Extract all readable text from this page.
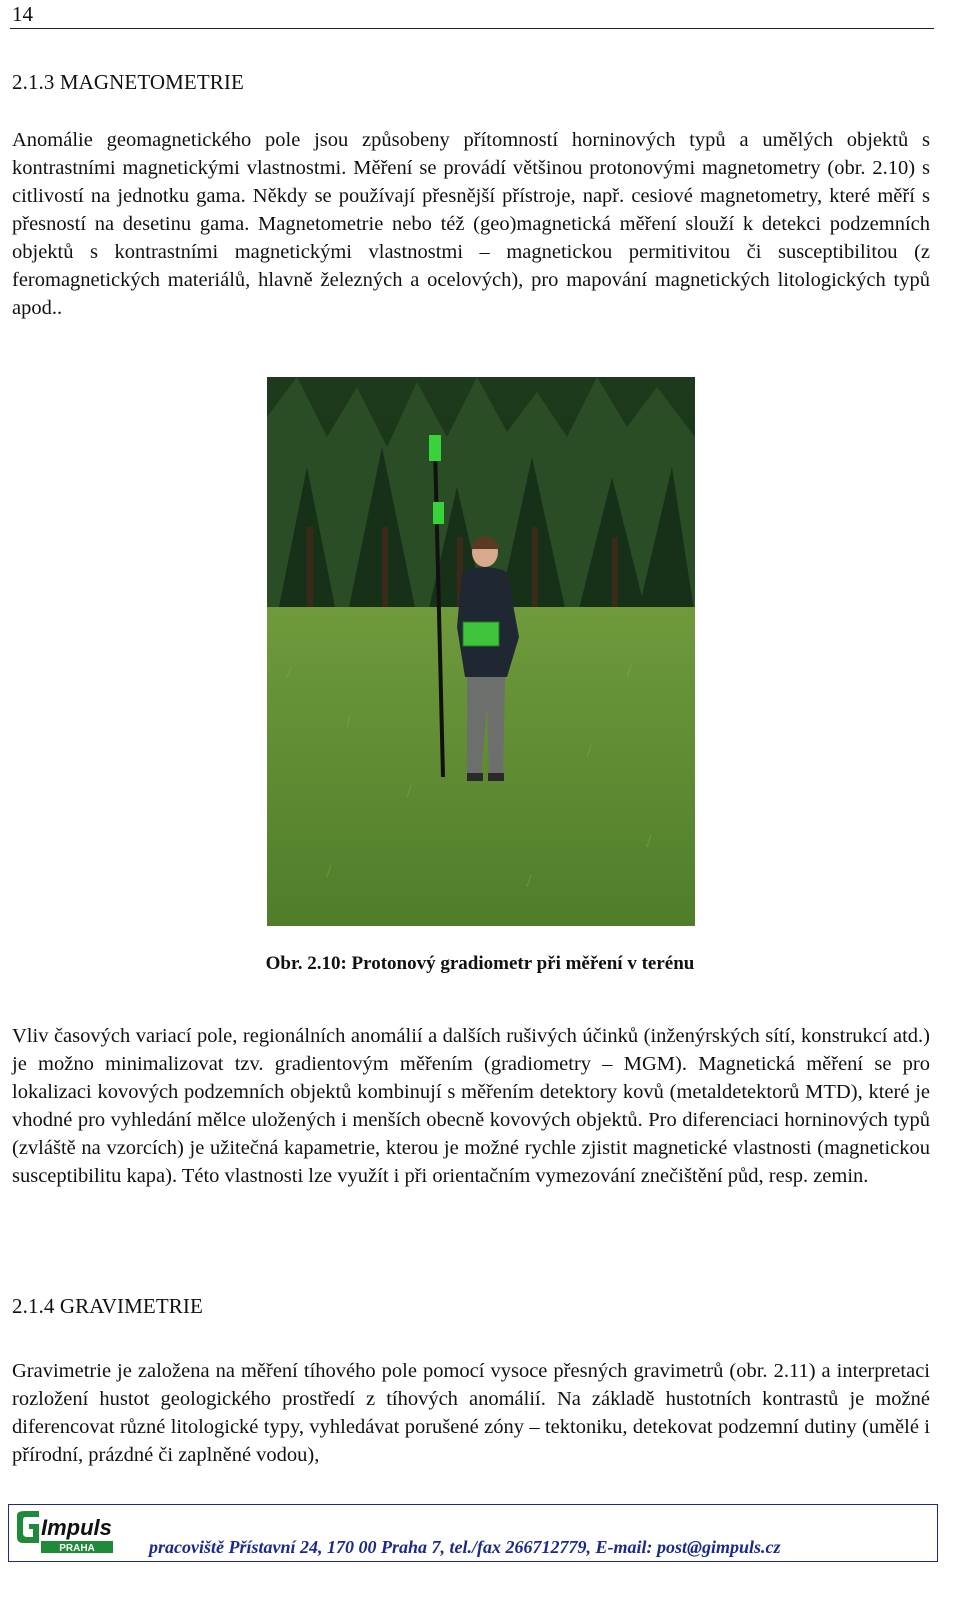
14
2.1.3 MAGNETOMETRIE

Anomálie geomagnetického pole jsou způsobeny přítomností horninových typů a umělých objektů s kontrastními magnetickými vlastnostmi. Měření se provádí většinou protonovými magnetometry (obr. 2.10) s citlivostí na jednotku gama. Někdy se používají přesnější přístroje, např. cesiové magnetometry, které měří s přesností na desetinu gama. Magnetometrie nebo též (geo)magnetická měření slouží k detekci podzemních objektů s kontrastními magnetickými vlastnostmi – magnetickou permitivitou či susceptibilitou (z feromagnetických materiálů, hlavně železných a ocelových), pro mapování magnetických litologických typů apod..

Obr. 2.10: Protonový gradiometr při měření v terénu

Vliv časových variací pole, regionálních anomálií a dalších rušivých účinků (inženýrských sítí, konstrukcí atd.) je možno minimalizovat tzv. gradientovým měřením (gradiometry – MGM). Magnetická měření se pro lokalizaci kovových podzemních objektů kombinují s měřením detektory kovů (metaldetektorů MTD), které je vhodné pro vyhledání mělce uložených i menších obecně kovových objektů. Pro diferenciaci horninových typů (zvláště na vzorcích) je užitečná kapametrie, kterou je možné rychle zjistit magnetické vlastnosti (magnetickou susceptibilitu kapa). Této vlastnosti lze využít i při orientačním vymezování znečištění půd, resp. zemin.

2.1.4 GRAVIMETRIE

Gravimetrie je založena na měření tíhového pole pomocí vysoce přesných gravimetrů (obr. 2.11) a interpretaci rozložení hustot geologického prostředí z tíhových anomálií. Na základě hustotních kontrastů je možné diferencovat různé litologické typy, vyhledávat porušené zóny – tektoniku, detekovat podzemní dutiny (umělé i přírodní, prázdné či zaplněné vodou),

Impuls
PRAHA	pracoviště Přístavní 24, 170 00 Praha 7, tel./fax 266712779, E-mail: post@gimpuls.cz
